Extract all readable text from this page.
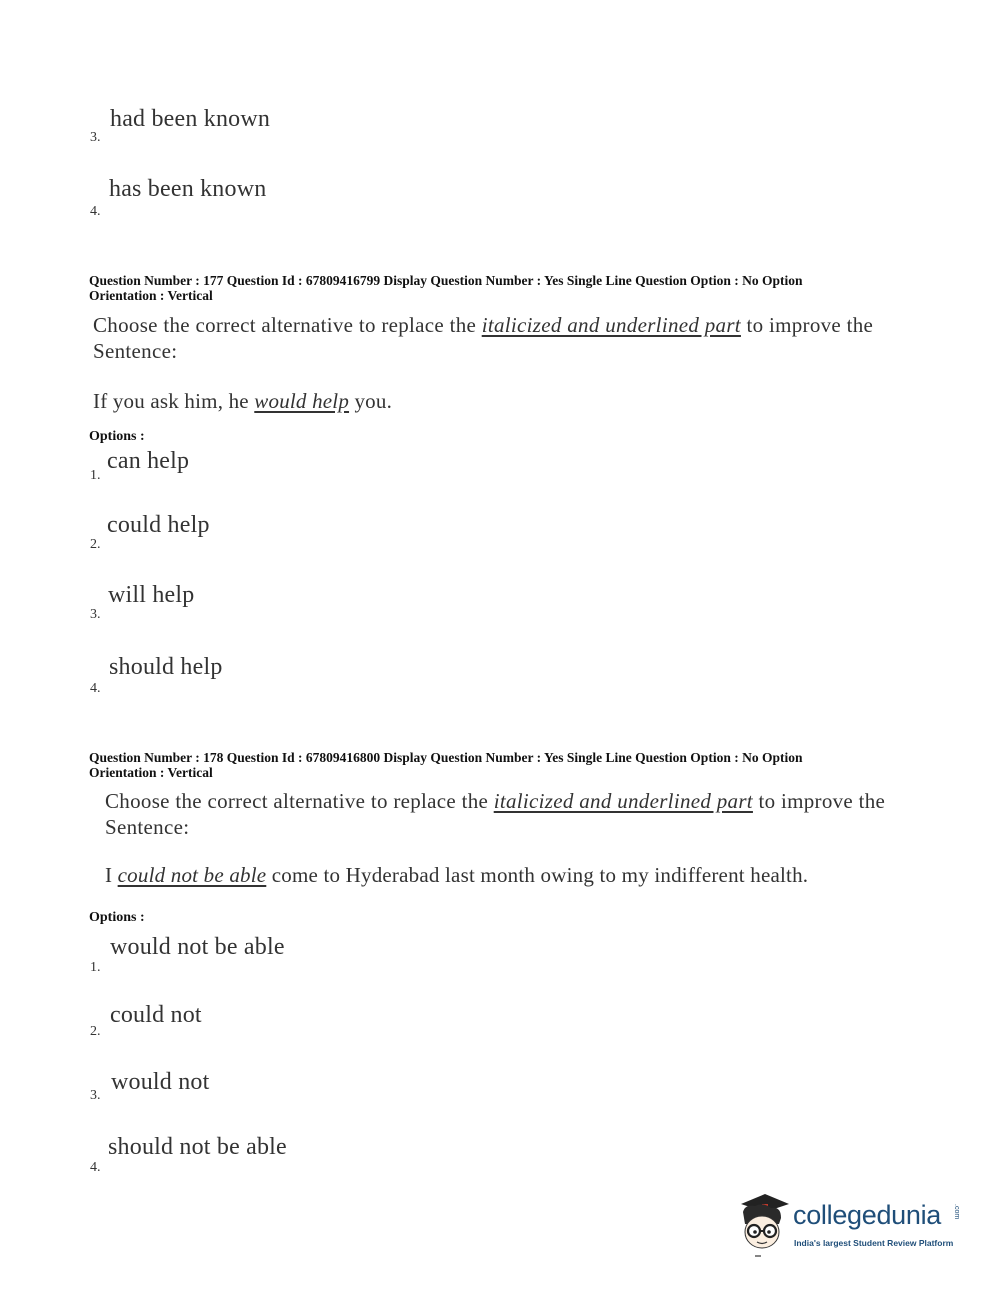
had been known
3.
has been known
4.
Question Number : 177 Question Id : 67809416799 Display Question Number : Yes Single Line Question Option : No Option
Orientation : Vertical
Choose the correct alternative to replace the italicized and underlined part to improve the
Sentence:
If you ask him, he would help you.
Options :
can help
1.
could help
2.
will help
3.
should help
4.
Question Number : 178 Question Id : 67809416800 Display Question Number : Yes Single Line Question Option : No Option
Orientation : Vertical
Choose the correct alternative to replace the italicized and underlined part to improve the
Sentence:
I could not be able come to Hyderabad last month owing to my indifferent health.
Options :
would not be able
1.
could not
2.
would not
3.
should not be able
4.
collegedunia .com
India's largest Student Review Platform
